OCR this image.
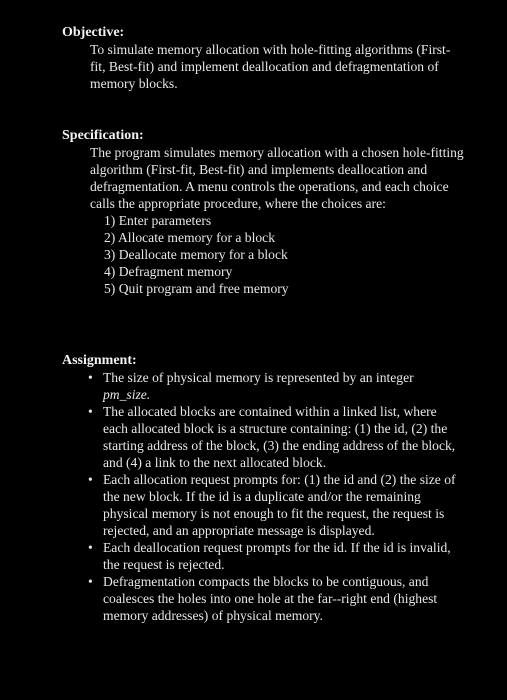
Objective:

To simulate memory allocation with hole-fitting algorithms (First-fit, Best-fit) and implement deallocation and defragmentation of memory blocks.

Specification:

The program simulates memory allocation with a chosen hole-fitting algorithm (First-fit, Best-fit) and implements deallocation and defragmentation. A menu controls the operations, and each choice calls the appropriate procedure, where the choices are:

1) Enter parameters
2) Allocate memory for a block
3) Deallocate memory for a block
4) Defragment memory
5) Quit program and free memory
Assignment:
• The size of physical memory is represented by an integer
pm_size.
• The allocated blocks are contained within a linked list, where each allocated block is a structure containing: (1) the id, (2) the starting address of the block, (3) the ending address of the block, and (4) a link to the next allocated block.
• Each allocation request prompts for: (1) the id and (2) the size of the new block. If the id is a duplicate and/or the remaining physical memory is not enough to fit the request, the request is rejected, and an appropriate message is displayed.
• Each deallocation request prompts for the id. If the id is invalid, the request is rejected.
• Defragmentation compacts the blocks to be contiguous, and coalesces the holes into one hole at the far--right end (highest memory addresses) of physical memory.
